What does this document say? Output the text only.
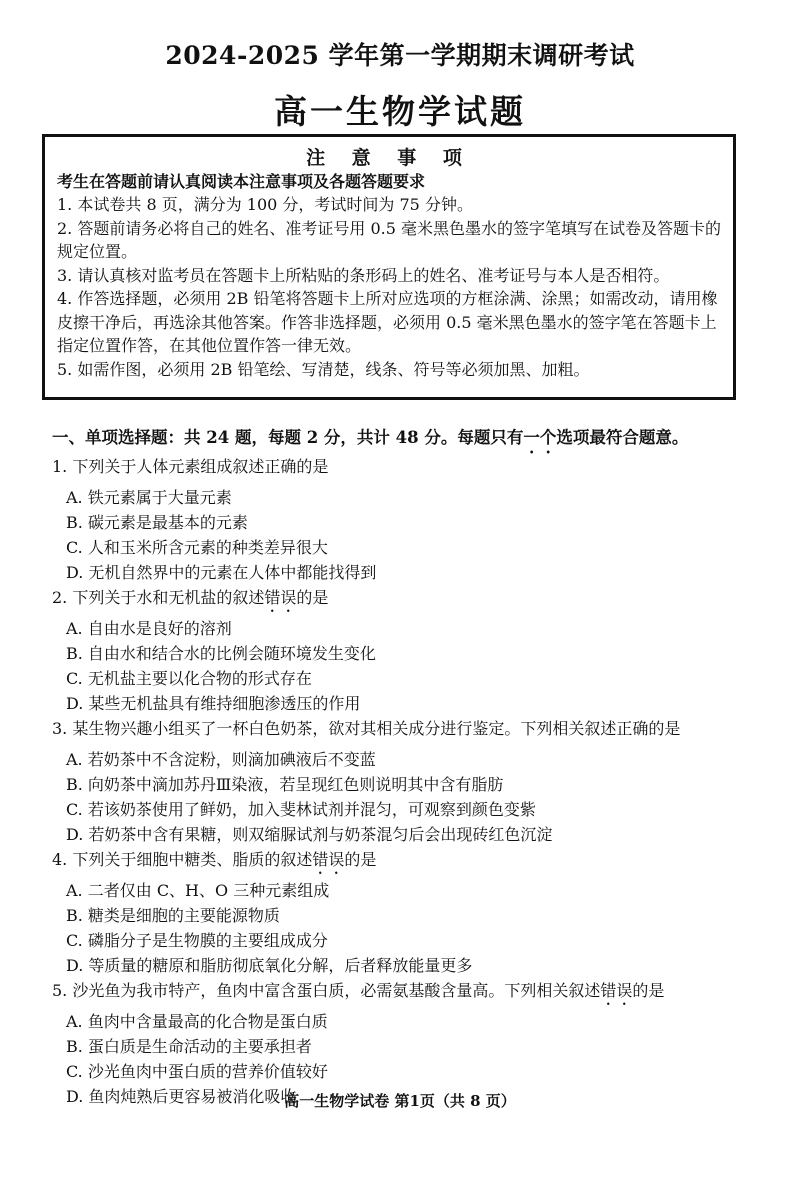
2024-2025 学年第一学期期末调研考试
高一生物学试题
注 意 事 项
考生在答题前请认真阅读本注意事项及各题答题要求
1. 本试卷共 8 页，满分为 100 分，考试时间为 75 分钟。
2. 答题前请务必将自己的姓名、准考证号用 0.5 毫米黑色墨水的签字笔填写在试卷及答题卡的规定位置。
3. 请认真核对监考员在答题卡上所粘贴的条形码上的姓名、准考证号与本人是否相符。
4. 作答选择题，必须用 2B 铅笔将答题卡上所对应选项的方框涂满、涂黑；如需改动，请用橡皮擦干净后，再选涂其他答案。作答非选择题，必须用 0.5 毫米黑色墨水的签字笔在答题卡上指定位置作答，在其他位置作答一律无效。
5. 如需作图，必须用 2B 铅笔绘、写清楚，线条、符号等必须加黑、加粗。
一、单项选择题：共 24 题，每题 2 分，共计 48 分。每题只有一个选项最符合题意。
1. 下列关于人体元素组成叙述正确的是
A. 铁元素属于大量元素
B. 碳元素是最基本的元素
C. 人和玉米所含元素的种类差异很大
D. 无机自然界中的元素在人体中都能找得到
2. 下列关于水和无机盐的叙述错误的是
A. 自由水是良好的溶剂
B. 自由水和结合水的比例会随环境发生变化
C. 无机盐主要以化合物的形式存在
D. 某些无机盐具有维持细胞渗透压的作用
3. 某生物兴趣小组买了一杯白色奶茶，欲对其相关成分进行鉴定。下列相关叙述正确的是
A. 若奶茶中不含淀粉，则滴加碘液后不变蓝
B. 向奶茶中滴加苏丹Ⅲ染液，若呈现红色则说明其中含有脂肪
C. 若该奶茶使用了鲜奶，加入斐林试剂并混匀，可观察到颜色变紫
D. 若奶茶中含有果糖，则双缩脲试剂与奶茶混匀后会出现砖红色沉淀
4. 下列关于细胞中糖类、脂质的叙述错误的是
A. 二者仅由 C、H、O 三种元素组成
B. 糖类是细胞的主要能源物质
C. 磷脂分子是生物膜的主要组成成分
D. 等质量的糖原和脂肪彻底氧化分解，后者释放能量更多
5. 沙光鱼为我市特产，鱼肉中富含蛋白质，必需氨基酸含量高。下列相关叙述错误的是
A. 鱼肉中含量最高的化合物是蛋白质
B. 蛋白质是生命活动的主要承担者
C. 沙光鱼肉中蛋白质的营养价值较好
D. 鱼肉炖熟后更容易被消化吸收
高一生物学试卷 第1页（共 8 页）
